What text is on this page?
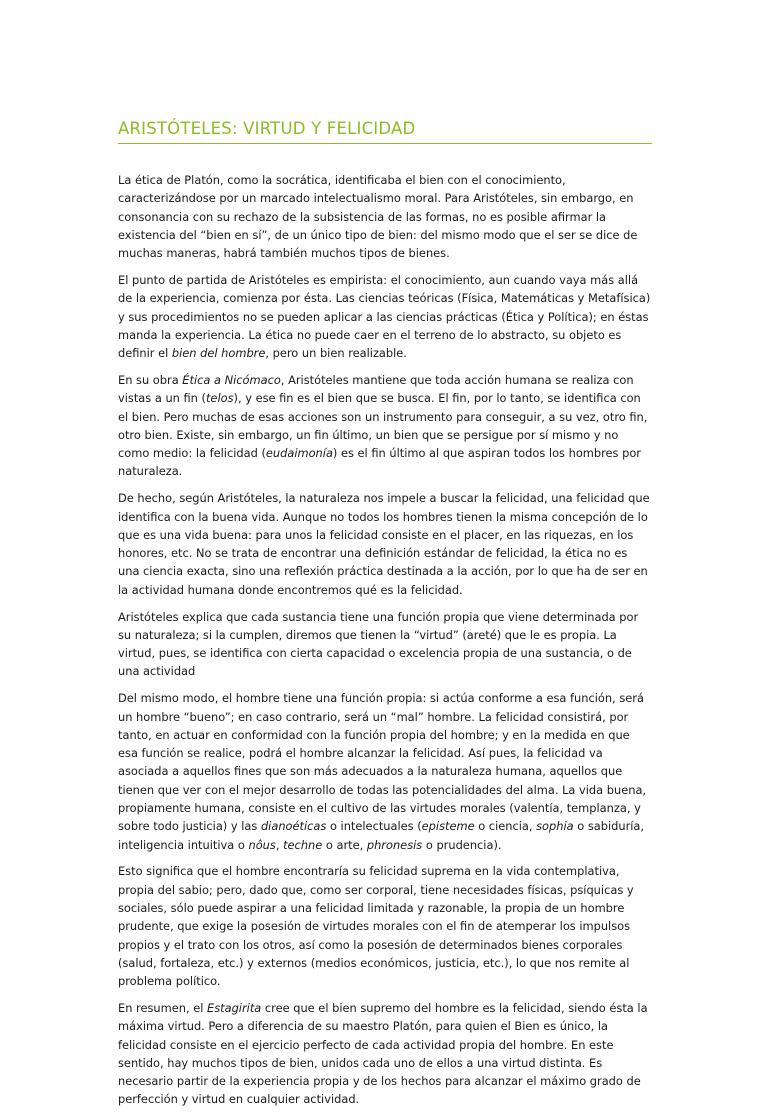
ARISTÓTELES: VIRTUD Y FELICIDAD

La ética de Platón, como la socrática, identificaba el bien con el conocimiento, caracterizándose por un marcado intelectualismo moral. Para Aristóteles, sin embargo, en consonancia con su rechazo de la subsistencia de las formas, no es posible afirmar la existencia del “bien en sí”, de un único tipo de bien: del mismo modo que el ser se dice de muchas maneras, habrá también muchos tipos de bienes.

El punto de partida de Aristóteles es empirista: el conocimiento, aun cuando vaya más allá de la experiencia, comienza por ésta. Las ciencias teóricas (Física, Matemáticas y Metafísica) y sus procedimientos no se pueden aplicar a las ciencias prácticas (Ética y Política); en éstas manda la experiencia. La ética no puede caer en el terreno de lo abstracto, su objeto es definir el bien del hombre, pero un bien realizable.

En su obra Ética a Nicómaco, Aristóteles mantiene que toda acción humana se realiza con vistas a un fin (telos), y ese fin es el bien que se busca. El fin, por lo tanto, se identifica con el bien. Pero muchas de esas acciones son un instrumento para conseguir, a su vez, otro fin, otro bien. Existe, sin embargo, un fin último, un bien que se persigue por sí mismo y no como medio: la felicidad (eudaimonía) es el fin último al que aspiran todos los hombres por naturaleza.

De hecho, según Aristóteles, la naturaleza nos impele a buscar la felicidad, una felicidad que identifica con la buena vida. Aunque no todos los hombres tienen la misma concepción de lo que es una vida buena: para unos la felicidad consiste en el placer, en las riquezas, en los honores, etc. No se trata de encontrar una definición estándar de felicidad, la ética no es una ciencia exacta, sino una reflexión práctica destinada a la acción, por lo que ha de ser en la actividad humana donde encontremos qué es la felicidad.

Aristóteles explica que cada sustancia tiene una función propia que viene determinada por su naturaleza; si la cumplen, diremos que tienen la “virtud” (areté) que le es propia. La virtud, pues, se identifica con cierta capacidad o excelencia propia de una sustancia, o de una actividad

Del mismo modo, el hombre tiene una función propia: si actúa conforme a esa función, será un hombre “bueno”; en caso contrario, será un “mal” hombre. La felicidad consistirá, por tanto, en actuar en conformidad con la función propia del hombre; y en la medida en que esa función se realice, podrá el hombre alcanzar la felicidad. Así pues, la felicidad va asociada a aquellos fines que son más adecuados a la naturaleza humana, aquellos que tienen que ver con el mejor desarrollo de todas las potencialidades del alma. La vida buena, propiamente humana, consiste en el cultivo de las virtudes morales (valentía, templanza, y sobre todo justicia) y las dianoéticas o intelectuales (episteme o ciencia, sophia o sabiduría, inteligencia intuitiva o nôus, techne o arte, phronesis o prudencia).

Esto significa que el hombre encontraría su felicidad suprema en la vida contemplativa, propia del sabio; pero, dado que, como ser corporal, tiene necesidades físicas, psíquicas y sociales, sólo puede aspirar a una felicidad limitada y razonable, la propia de un hombre prudente, que exige la posesión de virtudes morales con el fin de atemperar los impulsos propios y el trato con los otros, así como la posesión de determinados bienes corporales (salud, fortaleza, etc.) y externos (medios económicos, justicia, etc.), lo que nos remite al problema político.

En resumen, el Estagirita cree que el bien supremo del hombre es la felicidad, siendo ésta la máxima virtud. Pero a diferencia de su maestro Platón, para quien el Bien es único, la felicidad consiste en el ejercicio perfecto de cada actividad propia del hombre. En este sentido, hay muchos tipos de bien, unidos cada uno de ellos a una virtud distinta. Es necesario partir de la experiencia propia y de los hechos para alcanzar el máximo grado de perfección y virtud en cualquier actividad.
